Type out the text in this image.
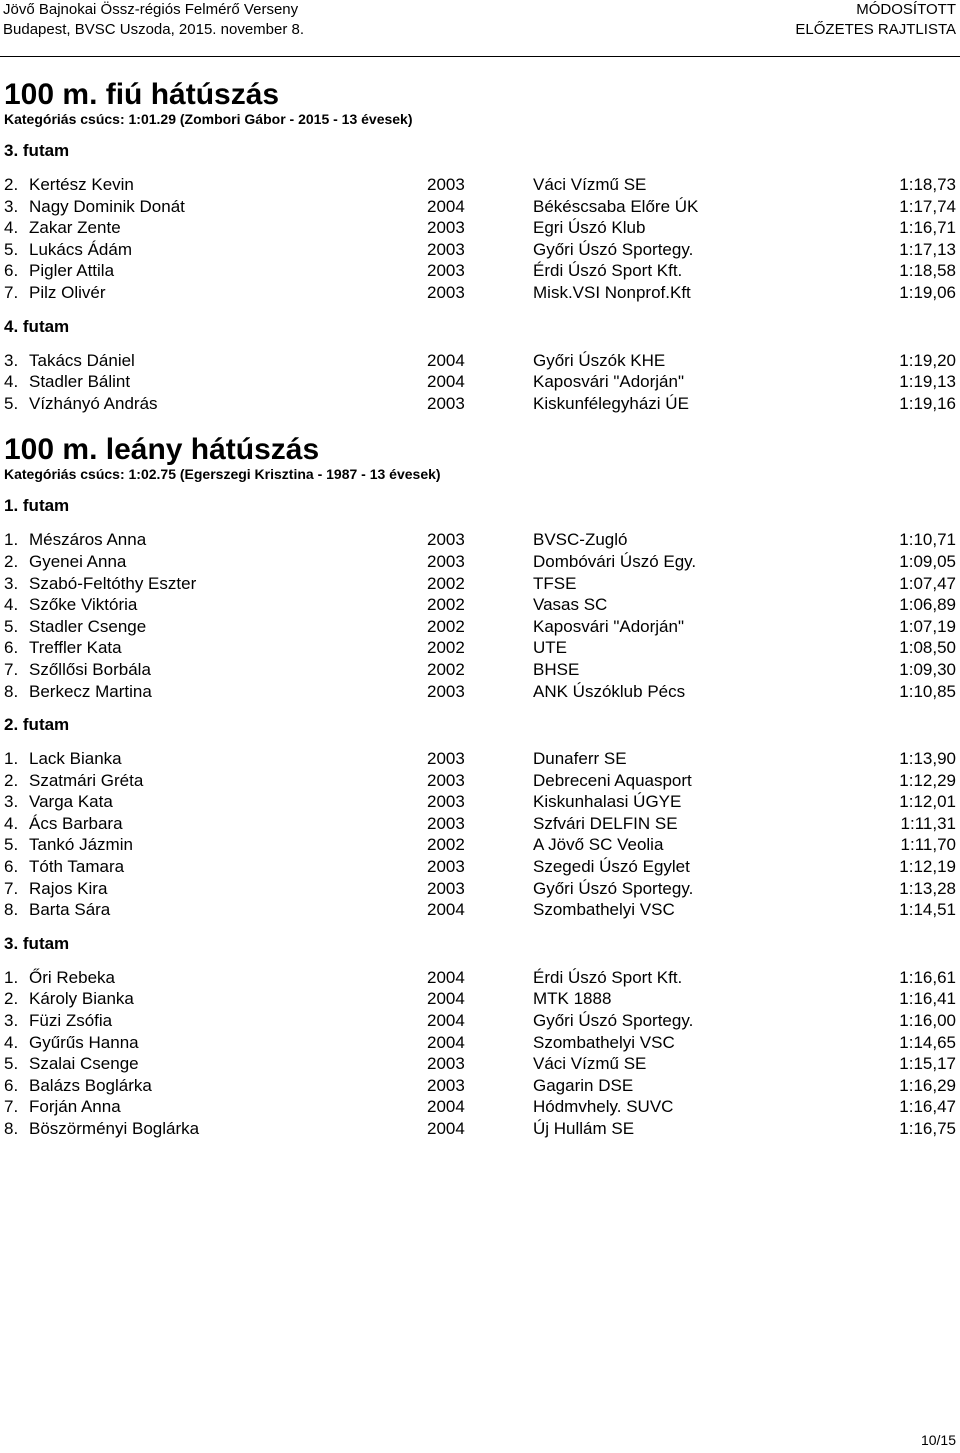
Jövő Bajnokai Össz-régiós Felmérő Verseny
Budapest, BVSC Uszoda, 2015. november 8.
MÓDOSÍTOTT
ELŐZETES RAJTLISTA
100 m. fiú hátúszás
Kategóriás csúcs: 1:01.29 (Zombori Gábor - 2015 - 13 évesek)
3. futam
2. Kertész Kevin	2003	Váci Vízmű SE	1:18,73
3. Nagy Dominik Donát	2004	Békéscsaba Előre ÚK	1:17,74
4. Zakar Zente	2003	Egri Úszó Klub	1:16,71
5. Lukács Ádám	2003	Győri Úszó Sportegy.	1:17,13
6. Pigler Attila	2003	Érdi Úszó Sport Kft.	1:18,58
7. Pilz Olivér	2003	Misk.VSI Nonprof.Kft	1:19,06
4. futam
3. Takács Dániel	2004	Győri Úszók KHE	1:19,20
4. Stadler Bálint	2004	Kaposvári "Adorján"	1:19,13
5. Vízhányó András	2003	Kiskunfélegyházi ÚE	1:19,16
100 m. leány hátúszás
Kategóriás csúcs: 1:02.75 (Egerszegi Krisztina - 1987 - 13 évesek)
1. futam
1. Mészáros Anna	2003	BVSC-Zugló	1:10,71
2. Gyenei Anna	2003	Dombóvári Úszó Egy.	1:09,05
3. Szabó-Feltóthy Eszter	2002	TFSE	1:07,47
4. Szőke Viktória	2002	Vasas SC	1:06,89
5. Stadler Csenge	2002	Kaposvári "Adorján"	1:07,19
6. Treffler Kata	2002	UTE	1:08,50
7. Szőllősi Borbála	2002	BHSE	1:09,30
8. Berkecz Martina	2003	ANK Úszóklub Pécs	1:10,85
2. futam
1. Lack Bianka	2003	Dunaferr SE	1:13,90
2. Szatmári Gréta	2003	Debreceni Aquasport	1:12,29
3. Varga Kata	2003	Kiskunhalasi ÚGYE	1:12,01
4. Ács Barbara	2003	Szfvári DELFIN SE	1:11,31
5. Tankó Jázmin	2002	A Jövő SC Veolia	1:11,70
6. Tóth Tamara	2003	Szegedi Úszó Egylet	1:12,19
7. Rajos Kira	2003	Győri Úszó Sportegy.	1:13,28
8. Barta Sára	2004	Szombathelyi VSC	1:14,51
3. futam
1. Őri Rebeka	2004	Érdi Úszó Sport Kft.	1:16,61
2. Károly Bianka	2004	MTK 1888	1:16,41
3. Füzi Zsófia	2004	Győri Úszó Sportegy.	1:16,00
4. Gyűrűs Hanna	2004	Szombathelyi VSC	1:14,65
5. Szalai Csenge	2003	Váci Vízmű SE	1:15,17
6. Balázs Boglárka	2003	Gagarin DSE	1:16,29
7. Forján Anna	2004	Hódmvhely. SUVC	1:16,47
8. Böszörményi Boglárka	2004	Új Hullám SE	1:16,75
10/15
